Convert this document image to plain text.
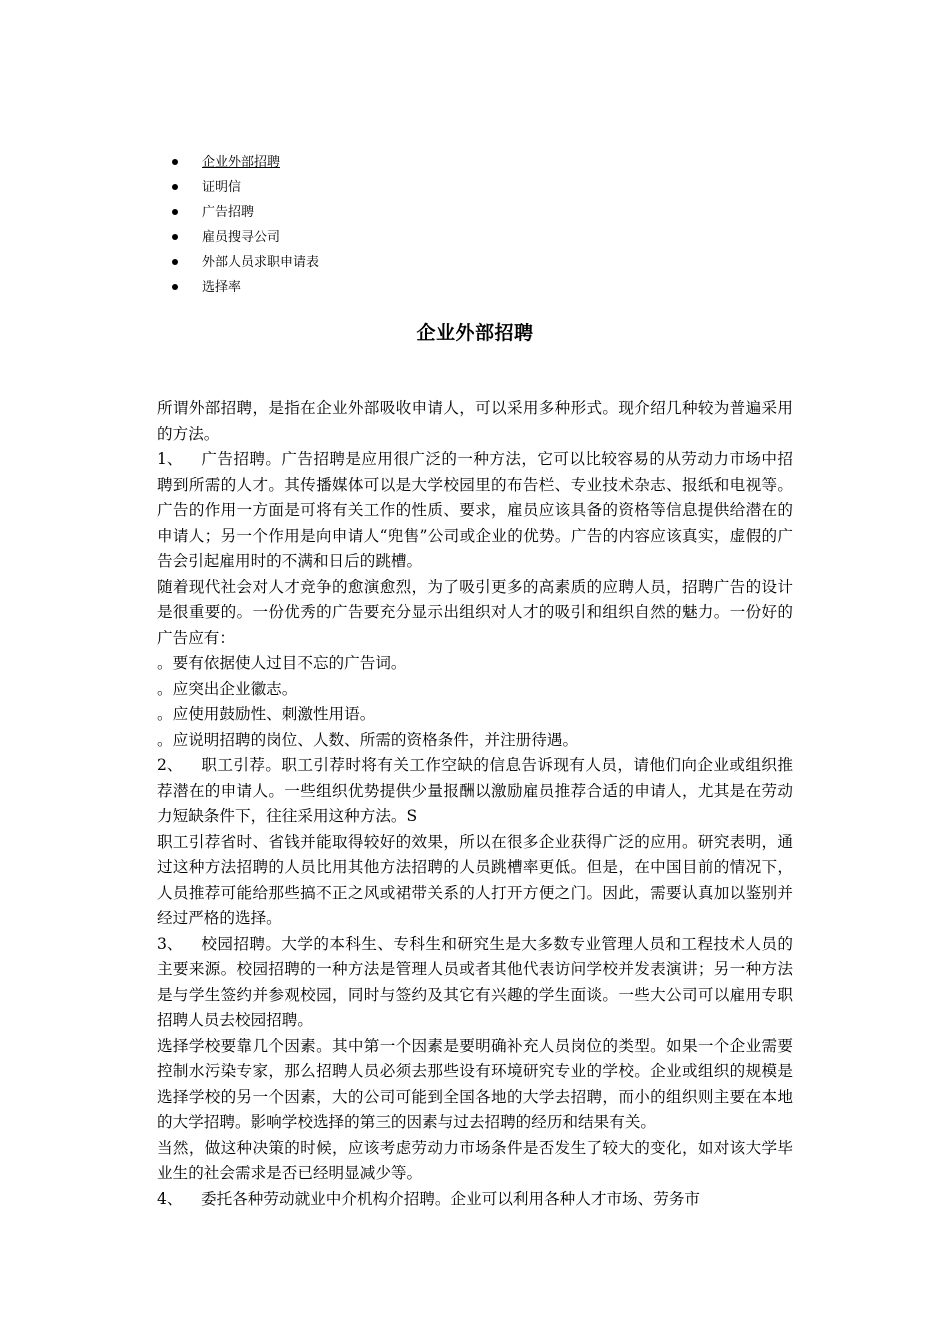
企业外部招聘
证明信
广告招聘
雇员搜寻公司
外部人员求职申请表
选择率
企业外部招聘

所谓外部招聘，是指在企业外部吸收申请人，可以采用多种形式。现介绍几种较为普遍采用的方法。

1、 广告招聘。广告招聘是应用很广泛的一种方法，它可以比较容易的从劳动力市场中招聘到所需的人才。其传播媒体可以是大学校园里的布告栏、专业技术杂志、报纸和电视等。广告的作用一方面是可将有关工作的性质、要求，雇员应该具备的资格等信息提供给潜在的申请人；另一个作用是向申请人“兜售”公司或企业的优势。广告的内容应该真实，虚假的广告会引起雇用时的不满和日后的跳槽。

随着现代社会对人才竞争的愈演愈烈，为了吸引更多的高素质的应聘人员，招聘广告的设计是很重要的。一份优秀的广告要充分显示出组织对人才的吸引和组织自然的魅力。一份好的广告应有：

。要有依据使人过目不忘的广告词。

。应突出企业徽志。

。应使用鼓励性、刺激性用语。

。应说明招聘的岗位、人数、所需的资格条件，并注册待遇。

2、 职工引荐。职工引荐时将有关工作空缺的信息告诉现有人员，请他们向企业或组织推荐潜在的申请人。一些组织优势提供少量报酬以激励雇员推荐合适的申请人，尤其是在劳动力短缺条件下，往往采用这种方法。S

职工引荐省时、省钱并能取得较好的效果，所以在很多企业获得广泛的应用。研究表明，通过这种方法招聘的人员比用其他方法招聘的人员跳槽率更低。但是，在中国目前的情况下，人员推荐可能给那些搞不正之风或裙带关系的人打开方便之门。因此，需要认真加以鉴别并经过严格的选择。

3、 校园招聘。大学的本科生、专科生和研究生是大多数专业管理人员和工程技术人员的主要来源。校园招聘的一种方法是管理人员或者其他代表访问学校并发表演讲；另一种方法是与学生签约并参观校园，同时与签约及其它有兴趣的学生面谈。一些大公司可以雇用专职招聘人员去校园招聘。

选择学校要靠几个因素。其中第一个因素是要明确补充人员岗位的类型。如果一个企业需要控制水污染专家，那么招聘人员必须去那些设有环境研究专业的学校。企业或组织的规模是选择学校的另一个因素，大的公司可能到全国各地的大学去招聘，而小的组织则主要在本地的大学招聘。影响学校选择的第三的因素与过去招聘的经历和结果有关。

当然，做这种决策的时候，应该考虑劳动力市场条件是否发生了较大的变化，如对该大学毕业生的社会需求是否已经明显减少等。

4、 委托各种劳动就业中介机构介招聘。企业可以利用各种人才市场、劳务市
